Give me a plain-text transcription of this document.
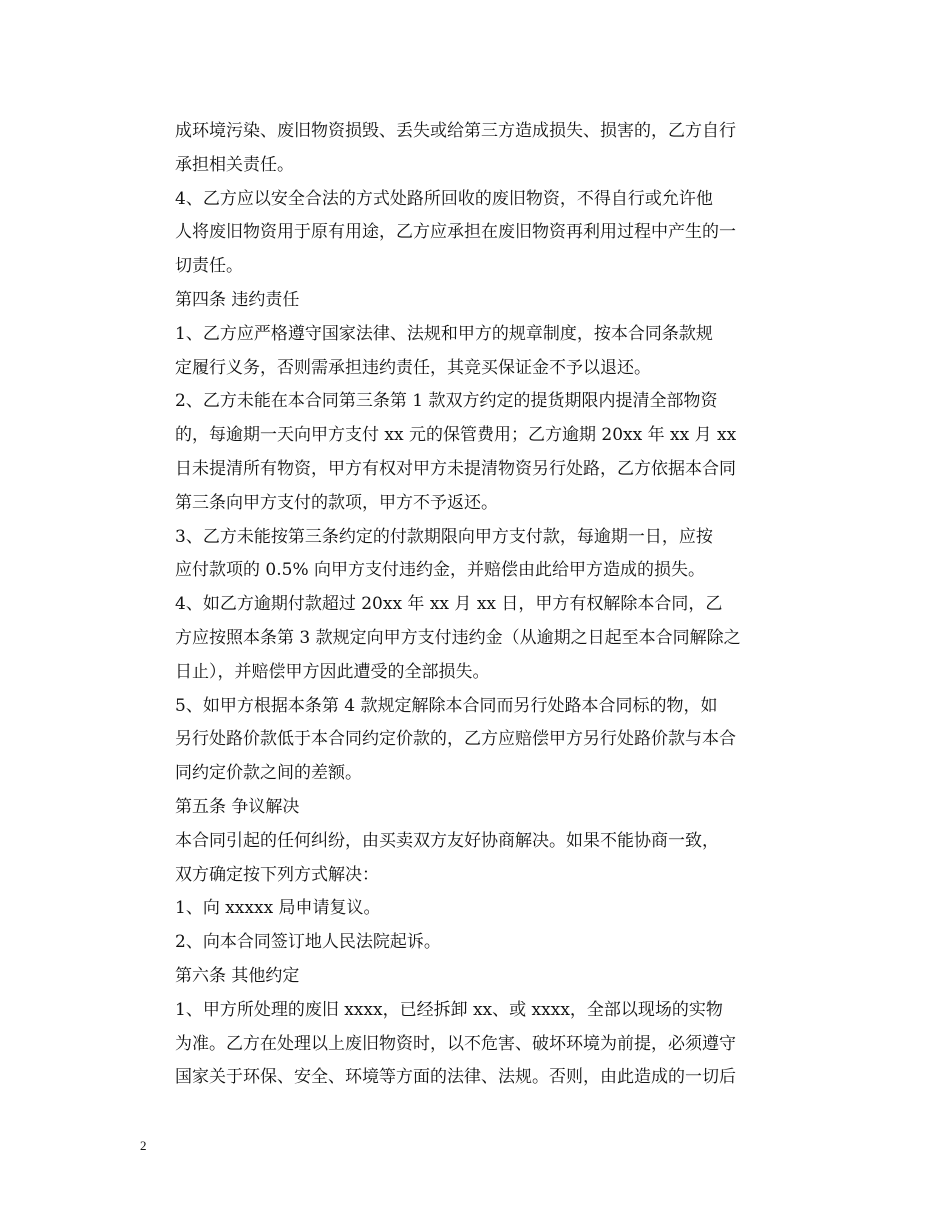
成环境污染、废旧物资损毁、丢失或给第三方造成损失、损害的，乙方自行
承担相关责任。
4、乙方应以安全合法的方式处路所回收的废旧物资，不得自行或允许他
人将废旧物资用于原有用途，乙方应承担在废旧物资再利用过程中产生的一
切责任。
第四条 违约责任
1、乙方应严格遵守国家法律、法规和甲方的规章制度，按本合同条款规
定履行义务，否则需承担违约责任，其竞买保证金不予以退还。
2、乙方未能在本合同第三条第 1 款双方约定的提货期限内提清全部物资
的，每逾期一天向甲方支付 xx 元的保管费用；乙方逾期 20xx 年 xx 月 xx
日未提清所有物资，甲方有权对甲方未提清物资另行处路，乙方依据本合同
第三条向甲方支付的款项，甲方不予返还。
3、乙方未能按第三条约定的付款期限向甲方支付款，每逾期一日，应按
应付款项的 0.5% 向甲方支付违约金，并赔偿由此给甲方造成的损失。
4、如乙方逾期付款超过 20xx 年 xx 月 xx 日，甲方有权解除本合同，乙
方应按照本条第 3 款规定向甲方支付违约金（从逾期之日起至本合同解除之
日止），并赔偿甲方因此遭受的全部损失。
5、如甲方根据本条第 4 款规定解除本合同而另行处路本合同标的物，如
另行处路价款低于本合同约定价款的，乙方应赔偿甲方另行处路价款与本合
同约定价款之间的差额。
第五条 争议解决
本合同引起的任何纠纷，由买卖双方友好协商解决。如果不能协商一致，
双方确定按下列方式解决：
1、向 xxxxx 局申请复议。
2、向本合同签订地人民法院起诉。
第六条 其他约定
1、甲方所处理的废旧 xxxx，已经拆卸 xx、或 xxxx，全部以现场的实物
为准。乙方在处理以上废旧物资时，以不危害、破坏环境为前提，必须遵守
国家关于环保、安全、环境等方面的法律、法规。否则，由此造成的一切后
2
